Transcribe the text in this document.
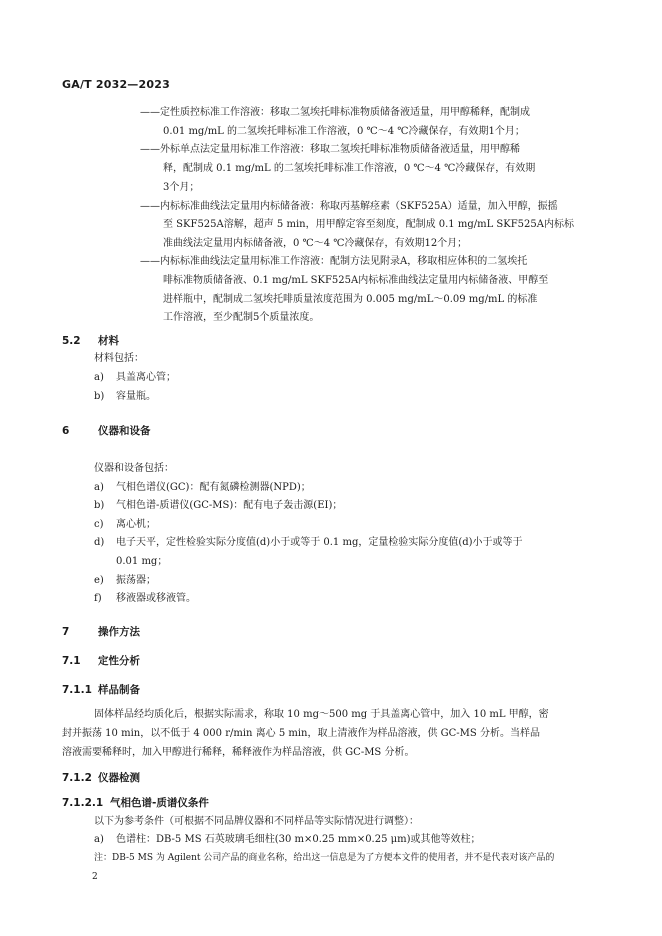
GA/T 2032—2023
——定性质控标准工作溶液：移取二氢埃托啡标准物质储备液适量，用甲醇稀释，配制成
0.01 mg/mL 的二氢埃托啡标准工作溶液，0 ℃～4 ℃冷藏保存，有效期1个月；
——外标单点法定量用标准工作溶液：移取二氢埃托啡标准物质储备液适量，用甲醇稀
释，配制成 0.1 mg/mL 的二氢埃托啡标准工作溶液，0 ℃～4 ℃冷藏保存，有效期
3个月；
——内标标准曲线法定量用内标储备液：称取丙基解痉素（SKF525A）适量，加入甲醇，振摇
至 SKF525A溶解，超声 5 min，用甲醇定容至刻度，配制成 0.1 mg/mL SKF525A内标标
准曲线法定量用内标储备液，0 ℃～4 ℃冷藏保存，有效期12个月；
——内标标准曲线法定量用标准工作溶液：配制方法见附录A，移取相应体积的二氢埃托
啡标准物质储备液、0.1 mg/mL SKF525A内标标准曲线法定量用内标储备液、甲醇至
进样瓶中，配制成二氢埃托啡质量浓度范围为 0.005 mg/mL～0.09 mg/mL 的标准
工作溶液，至少配制5个质量浓度。
5.2 材料
材料包括：
a) 具盖离心管；
b) 容量瓶。
6	仪器和设备
仪器和设备包括：
a) 气相色谱仪(GC)：配有氮磷检测器(NPD)；
b) 气相色谱-质谱仪(GC-MS)：配有电子轰击源(EI)；
c) 离心机；
d) 电子天平，定性检验实际分度值(d)小于或等于 0.1 mg，定量检验实际分度值(d)小于或等于
0.01 mg；
e) 振荡器；
f) 移液器或移液管。
7	操作方法
7.1 定性分析
7.1.1 样品制备
固体样品经均质化后，根据实际需求，称取 10 mg～500 mg 于具盖离心管中，加入 10 mL 甲醇，密
封并振荡 10 min，以不低于 4 000 r/min 离心 5 min，取上清液作为样品溶液，供 GC-MS 分析。当样品
溶液需要稀释时，加入甲醇进行稀释，稀释液作为样品溶液，供 GC-MS 分析。
7.1.2 仪器检测
7.1.2.1 气相色谱-质谱仪条件
以下为参考条件（可根据不同品牌仪器和不同样品等实际情况进行调整）：
a) 色谱柱：DB-5 MS 石英玻璃毛细柱(30 m×0.25 mm×0.25 μm)或其他等效柱；
注：DB-5 MS 为 Agilent 公司产品的商业名称，给出这一信息是为了方便本文件的使用者，并不是代表对该产品的
2
